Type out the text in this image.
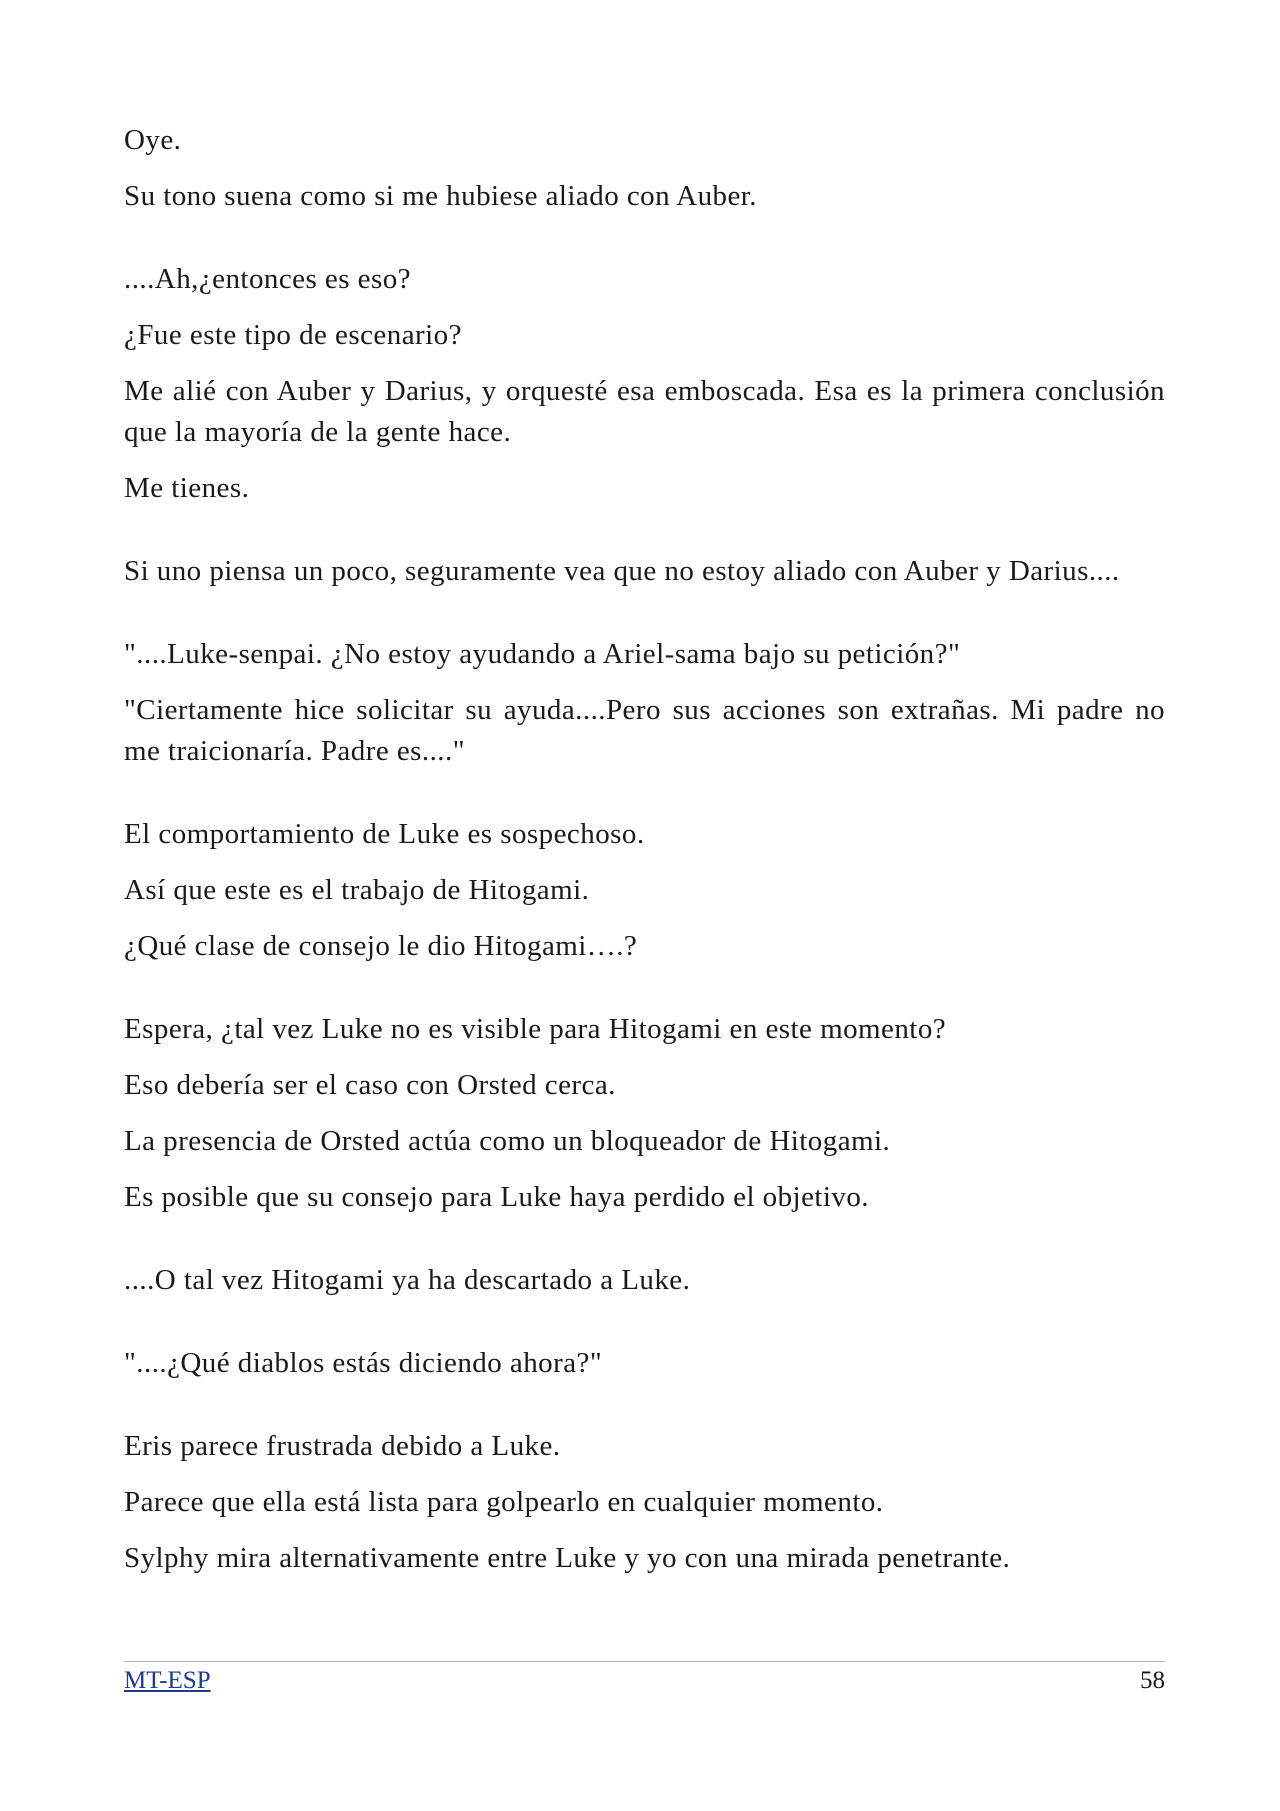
Oye.

Su tono suena como si me hubiese aliado con Auber.

....Ah,¿entonces es eso?

¿Fue este tipo de escenario?

Me alié con Auber y Darius, y orquesté esa emboscada. Esa es la primera conclusión que la mayoría de la gente hace.

Me tienes.

Si uno piensa un poco, seguramente vea que no estoy aliado con Auber y Darius....

"....Luke-senpai. ¿No estoy ayudando a Ariel-sama bajo su petición?"

"Ciertamente hice solicitar su ayuda....Pero sus acciones son extrañas. Mi padre no me traicionaría. Padre es...."

El comportamiento de Luke es sospechoso.

Así que este es el trabajo de Hitogami.

¿Qué clase de consejo le dio Hitogami….?

Espera, ¿tal vez Luke no es visible para Hitogami en este momento?

Eso debería ser el caso con Orsted cerca.

La presencia de Orsted actúa como un bloqueador de Hitogami.

Es posible que su consejo para Luke haya perdido el objetivo.

....O tal vez Hitogami ya ha descartado a Luke.

"....¿Qué diablos estás diciendo ahora?"

Eris parece frustrada debido a Luke.

Parece que ella está lista para golpearlo en cualquier momento.

Sylphy mira alternativamente entre Luke y yo con una mirada penetrante.

MT-ESP	58
